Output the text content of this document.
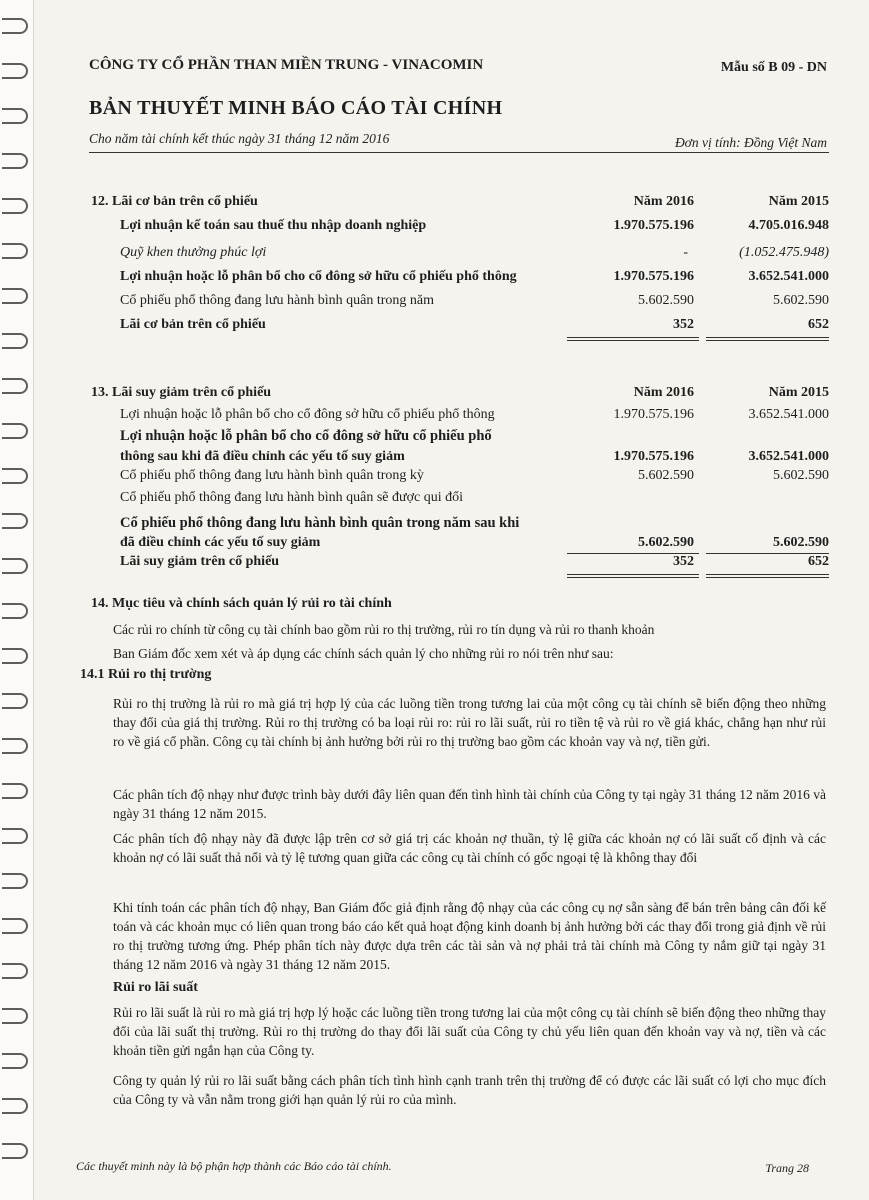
CÔNG TY CỔ PHẦN THAN MIỀN TRUNG - VINACOMIN	Mẫu số B 09 - DN
BẢN THUYẾT MINH BÁO CÁO TÀI CHÍNH
Cho năm tài chính kết thúc ngày 31 tháng 12 năm 2016	Đơn vị tính: Đồng Việt Nam
12. Lãi cơ bản trên cổ phiếu	Năm 2016	Năm 2015
Lợi nhuận kế toán sau thuế thu nhập doanh nghiệp	1.970.575.196	4.705.016.948
Quỹ khen thưởng phúc lợi	-	(1.052.475.948)
Lợi nhuận hoặc lỗ phân bổ cho cổ đông sở hữu cổ phiếu phổ thông	1.970.575.196	3.652.541.000
Cổ phiếu phổ thông đang lưu hành bình quân trong năm	5.602.590	5.602.590
Lãi cơ bản trên cổ phiếu	352	652
13. Lãi suy giảm trên cổ phiếu	Năm 2016	Năm 2015
Lợi nhuận hoặc lỗ phân bổ cho cổ đông sở hữu cổ phiếu phổ thông	1.970.575.196	3.652.541.000
Lợi nhuận hoặc lỗ phân bổ cho cổ đông sở hữu cổ phiếu phổ
thông sau khi đã điều chỉnh các yếu tố suy giảm	1.970.575.196	3.652.541.000
Cổ phiếu phổ thông đang lưu hành bình quân trong kỳ	5.602.590	5.602.590
Cổ phiếu phổ thông đang lưu hành bình quân sẽ được qui đổi
Cổ phiếu phổ thông đang lưu hành bình quân trong năm sau khi
đã điều chỉnh các yếu tố suy giảm	5.602.590	5.602.590
Lãi suy giảm trên cổ phiếu	352	652
14. Mục tiêu và chính sách quản lý rủi ro tài chính
Các rủi ro chính từ công cụ tài chính bao gồm rủi ro thị trường, rủi ro tín dụng và rủi ro thanh khoản
Ban Giám đốc xem xét và áp dụng các chính sách quản lý cho những rủi ro nói trên như sau:
14.1 Rủi ro thị trường
Rủi ro thị trường là rủi ro mà giá trị hợp lý của các luồng tiền trong tương lai của một công cụ tài chính sẽ biến động theo những thay đổi của giá thị trường. Rủi ro thị trường có ba loại rủi ro: rủi ro lãi suất, rủi ro tiền tệ và rủi ro về giá khác, chẳng hạn như rủi ro về giá cổ phần. Công cụ tài chính bị ảnh hưởng bởi rủi ro thị trường bao gồm các khoản vay và nợ, tiền gửi.
Các phân tích độ nhạy như được trình bày dưới đây liên quan đến tình hình tài chính của Công ty tại ngày 31 tháng 12 năm 2016 và ngày 31 tháng 12 năm 2015.
Các phân tích độ nhạy này đã được lập trên cơ sở giá trị các khoản nợ thuần, tỷ lệ giữa các khoản nợ có lãi suất cố định và các khoản nợ có lãi suất thả nổi và tỷ lệ tương quan giữa các công cụ tài chính có gốc ngoại tệ là không thay đổi
Khi tính toán các phân tích độ nhạy, Ban Giám đốc giả định rằng độ nhạy của các công cụ nợ sẵn sàng để bán trên bảng cân đối kế toán và các khoản mục có liên quan trong báo cáo kết quả hoạt động kinh doanh bị ảnh hưởng bởi các thay đổi trong giả định về rủi ro thị trường tương ứng. Phép phân tích này được dựa trên các tài sản và nợ phải trả tài chính mà Công ty nắm giữ tại ngày 31 tháng 12 năm 2016 và ngày 31 tháng 12 năm 2015.
Rủi ro lãi suất
Rủi ro lãi suất là rủi ro mà giá trị hợp lý hoặc các luồng tiền trong tương lai của một công cụ tài chính sẽ biến động theo những thay đổi của lãi suất thị trường. Rủi ro thị trường do thay đổi lãi suất của Công ty chủ yếu liên quan đến khoản vay và nợ, tiền và các khoản tiền gửi ngắn hạn của Công ty.
Công ty quản lý rủi ro lãi suất bằng cách phân tích tình hình cạnh tranh trên thị trường để có được các lãi suất có lợi cho mục đích của Công ty và vẫn nằm trong giới hạn quản lý rủi ro của mình.
Các thuyết minh này là bộ phận hợp thành các Báo cáo tài chính.	Trang 28
